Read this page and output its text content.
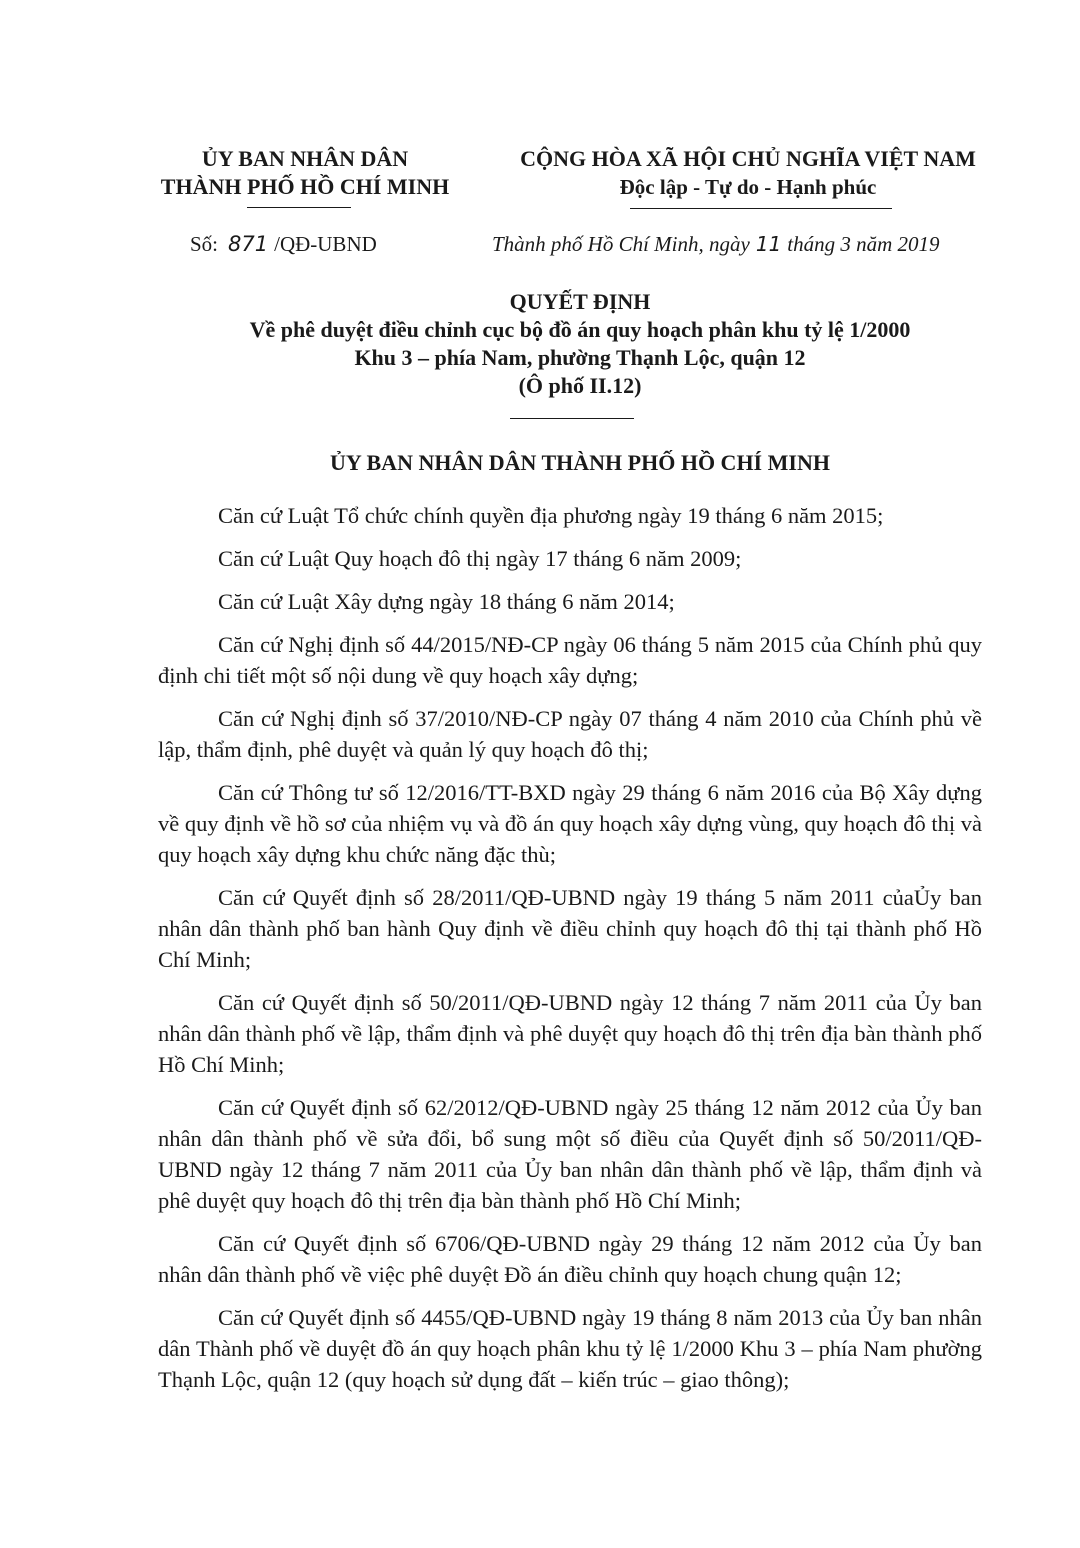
ỦY BAN NHÂN DÂN
THÀNH PHỐ HỒ CHÍ MINH
CỘNG HÒA XÃ HỘI CHỦ NGHĨA VIỆT NAM
Độc lập - Tự do - Hạnh phúc
Số: 871 /QĐ-UBND	Thành phố Hồ Chí Minh, ngày 11 tháng 3 năm 2019
QUYẾT ĐỊNH
Về phê duyệt điều chỉnh cục bộ đồ án quy hoạch phân khu tỷ lệ 1/2000
Khu 3 – phía Nam, phường Thạnh Lộc, quận 12
(Ô phố II.12)
ỦY BAN NHÂN DÂN THÀNH PHỐ HỒ CHÍ MINH

Căn cứ Luật Tổ chức chính quyền địa phương ngày 19 tháng 6 năm 2015;

Căn cứ Luật Quy hoạch đô thị ngày 17 tháng 6 năm 2009;

Căn cứ Luật Xây dựng ngày 18 tháng 6 năm 2014;

Căn cứ Nghị định số 44/2015/NĐ-CP ngày 06 tháng 5 năm 2015 của Chính phủ quy định chi tiết một số nội dung về quy hoạch xây dựng;

Căn cứ Nghị định số 37/2010/NĐ-CP ngày 07 tháng 4 năm 2010 của Chính phủ về lập, thẩm định, phê duyệt và quản lý quy hoạch đô thị;

Căn cứ Thông tư số 12/2016/TT-BXD ngày 29 tháng 6 năm 2016 của Bộ Xây dựng về quy định về hồ sơ của nhiệm vụ và đồ án quy hoạch xây dựng vùng, quy hoạch đô thị và quy hoạch xây dựng khu chức năng đặc thù;

Căn cứ Quyết định số 28/2011/QĐ-UBND ngày 19 tháng 5 năm 2011 củaỦy ban nhân dân thành phố ban hành Quy định về điều chỉnh quy hoạch đô thị tại thành phố Hồ Chí Minh;

Căn cứ Quyết định số 50/2011/QĐ-UBND ngày 12 tháng 7 năm 2011 của Ủy ban nhân dân thành phố về lập, thẩm định và phê duyệt quy hoạch đô thị trên địa bàn thành phố Hồ Chí Minh;

Căn cứ Quyết định số 62/2012/QĐ-UBND ngày 25 tháng 12 năm 2012 của Ủy ban nhân dân thành phố về sửa đổi, bổ sung một số điều của Quyết định số 50/2011/QĐ-UBND ngày 12 tháng 7 năm 2011 của Ủy ban nhân dân thành phố về lập, thẩm định và phê duyệt quy hoạch đô thị trên địa bàn thành phố Hồ Chí Minh;

Căn cứ Quyết định số 6706/QĐ-UBND ngày 29 tháng 12 năm 2012 của Ủy ban nhân dân thành phố về việc phê duyệt Đồ án điều chỉnh quy hoạch chung quận 12;

Căn cứ Quyết định số 4455/QĐ-UBND ngày 19 tháng 8 năm 2013 của Ủy ban nhân dân Thành phố về duyệt đồ án quy hoạch phân khu tỷ lệ 1/2000 Khu 3 – phía Nam phường Thạnh Lộc, quận 12 (quy hoạch sử dụng đất – kiến trúc – giao thông);
